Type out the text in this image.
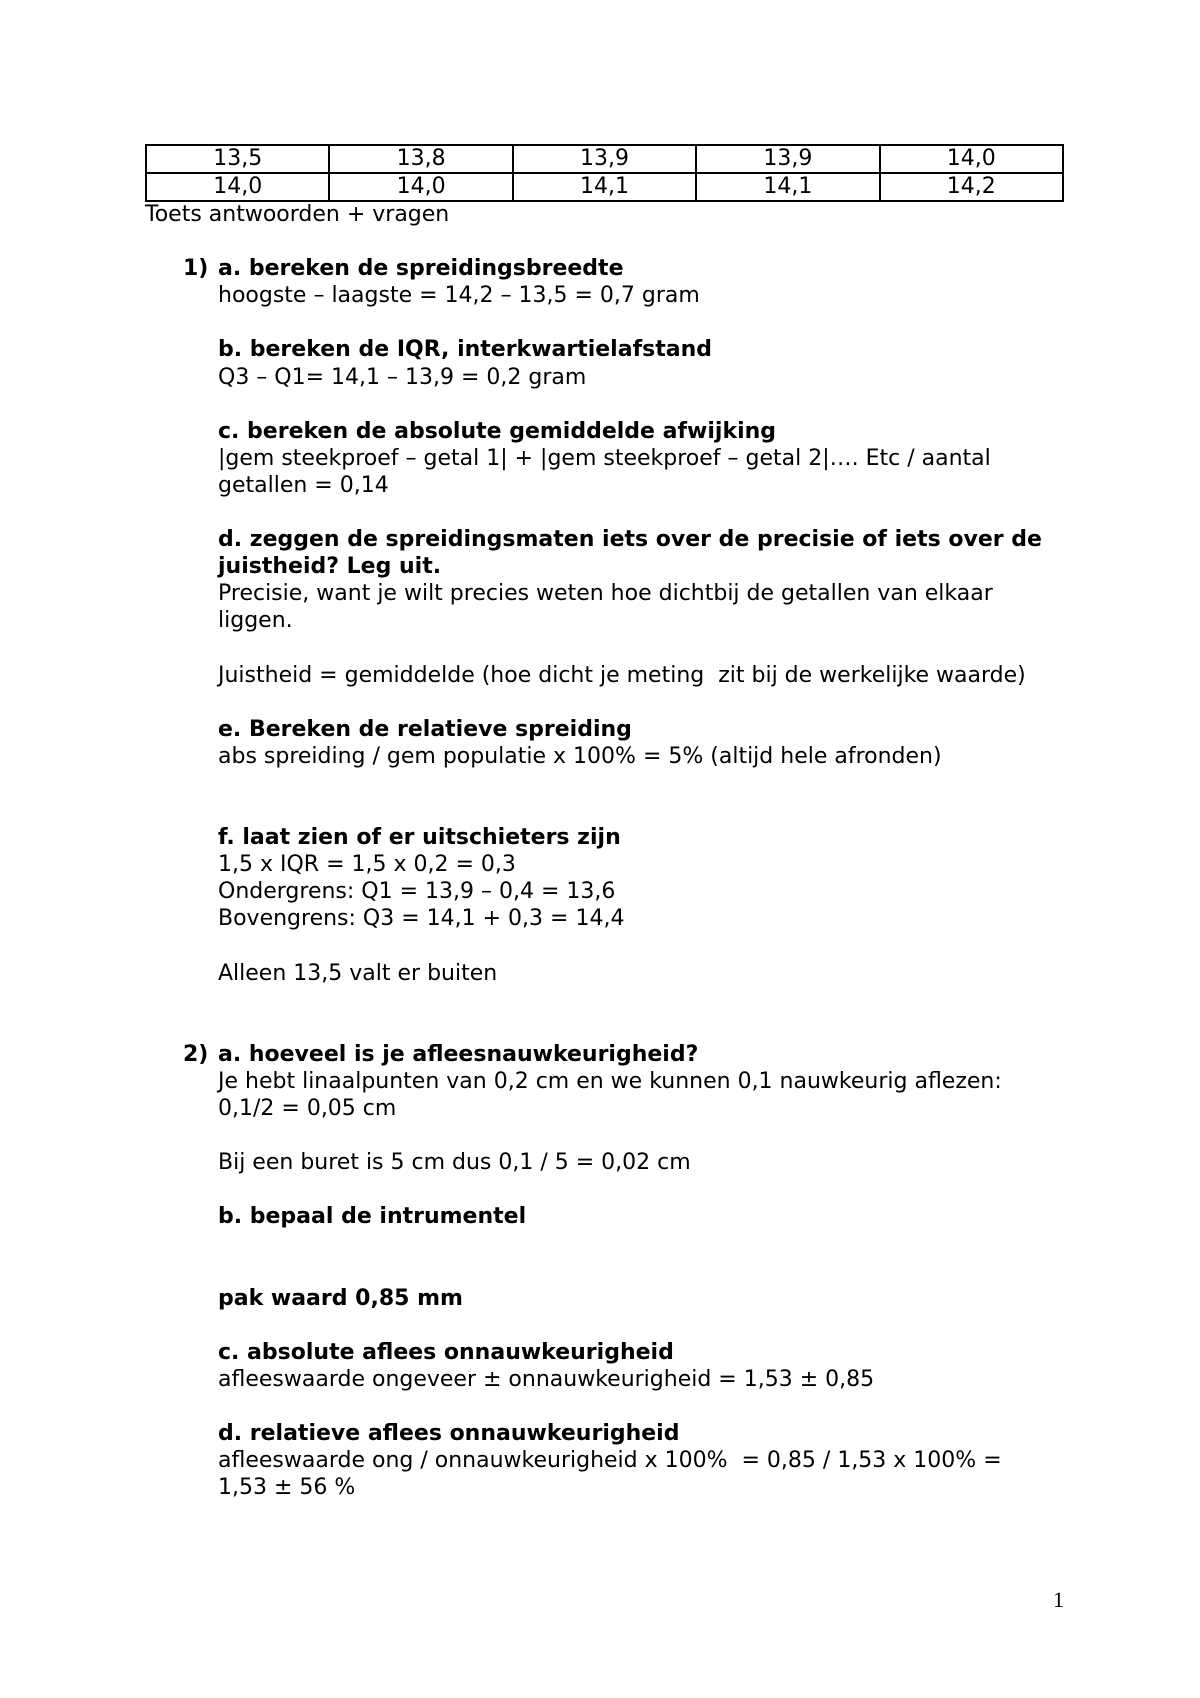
13,5	13,8	13,9	13,9	14,0
14,0	14,0	14,1	14,1	14,2
Toets antwoorden + vragen
1) a. bereken de spreidingsbreedte
hoogste – laagste = 14,2 – 13,5 = 0,7 gram
b. bereken de IQR, interkwartielafstand
Q3 – Q1= 14,1 – 13,9 = 0,2 gram
c. bereken de absolute gemiddelde afwijking
|gem steekproef – getal 1| + |gem steekproef – getal 2|…. Etc / aantal
getallen = 0,14
d. zeggen de spreidingsmaten iets over de precisie of iets over de
juistheid? Leg uit.
Precisie, want je wilt precies weten hoe dichtbij de getallen van elkaar
liggen.
Juistheid = gemiddelde (hoe dicht je meting  zit bij de werkelijke waarde)
e. Bereken de relatieve spreiding
abs spreiding / gem populatie x 100% = 5% (altijd hele afronden)
f. laat zien of er uitschieters zijn
1,5 x IQR = 1,5 x 0,2 = 0,3
Ondergrens: Q1 = 13,9 – 0,4 = 13,6
Bovengrens: Q3 = 14,1 + 0,3 = 14,4
Alleen 13,5 valt er buiten
2) a. hoeveel is je afleesnauwkeurigheid?
Je hebt linaalpunten van 0,2 cm en we kunnen 0,1 nauwkeurig aflezen:
0,1/2 = 0,05 cm
Bij een buret is 5 cm dus 0,1 / 5 = 0,02 cm
b. bepaal de intrumentel
pak waard 0,85 mm
c. absolute aflees onnauwkeurigheid
afleeswaarde ongeveer ± onnauwkeurigheid = 1,53 ± 0,85
d. relatieve aflees onnauwkeurigheid
afleeswaarde ong / onnauwkeurigheid x 100%  = 0,85 / 1,53 x 100% =
1,53 ± 56 %
1
